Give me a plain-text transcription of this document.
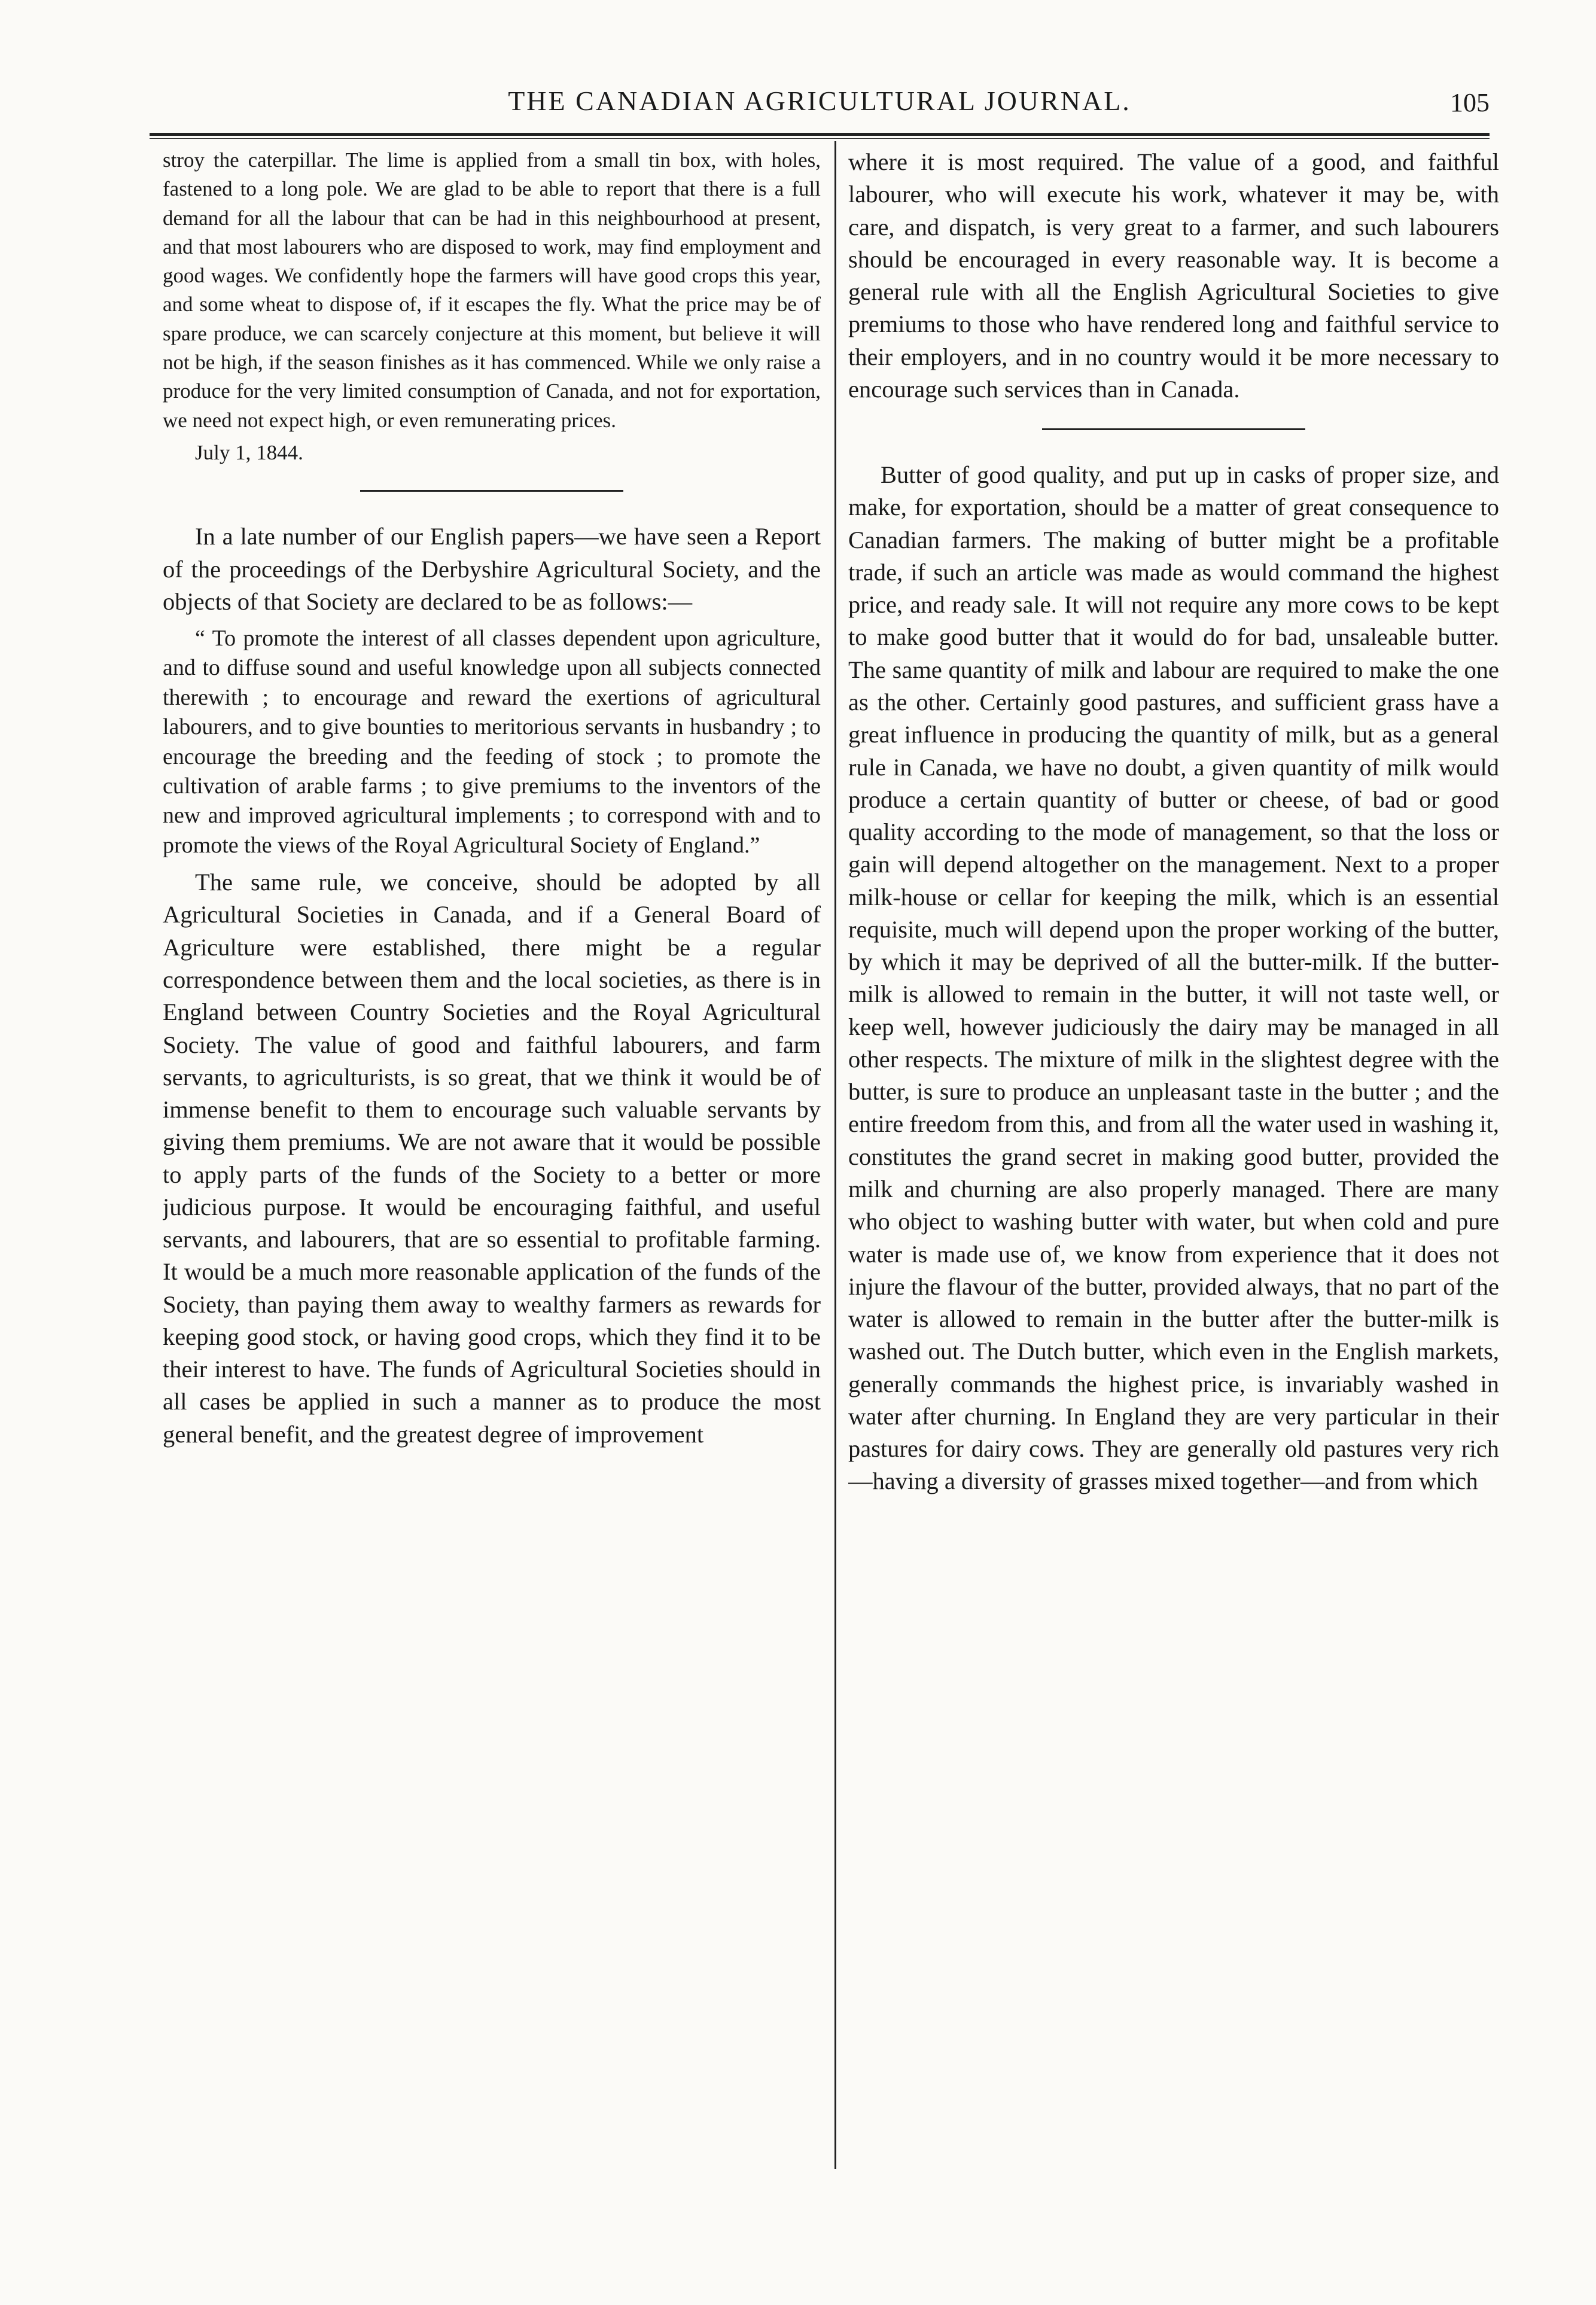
THE CANADIAN AGRICULTURAL JOURNAL.	105

stroy the caterpillar. The lime is applied from a small tin box, with holes, fastened to a long pole. We are glad to be able to report that there is a full demand for all the labour that can be had in this neighbourhood at present, and that most labourers who are disposed to work, may find employment and good wages. We confidently hope the farmers will have good crops this year, and some wheat to dispose of, if it escapes the fly. What the price may be of spare produce, we can scarcely conjecture at this moment, but believe it will not be high, if the season finishes as it has commenced. While we only raise a produce for the very limited consumption of Canada, and not for exportation, we need not expect high, or even remunerating prices.

July 1, 1844.

In a late number of our English papers—we have seen a Report of the proceedings of the Derbyshire Agricultural Society, and the objects of that Society are declared to be as follows:—

“ To promote the interest of all classes dependent upon agriculture, and to diffuse sound and useful knowledge upon all subjects connected therewith ; to encourage and reward the exertions of agricultural labourers, and to give bounties to meritorious servants in husbandry ; to encourage the breeding and the feeding of stock ; to promote the cultivation of arable farms ; to give premiums to the inventors of the new and improved agricultural implements ; to correspond with and to promote the views of the Royal Agricultural Society of England.”

The same rule, we conceive, should be adopted by all Agricultural Societies in Canada, and if a General Board of Agriculture were established, there might be a regular correspondence between them and the local societies, as there is in England between Country Societies and the Royal Agricultural Society. The value of good and faithful labourers, and farm servants, to agriculturists, is so great, that we think it would be of immense benefit to them to encourage such valuable servants by giving them premiums. We are not aware that it would be possible to apply parts of the funds of the Society to a better or more judicious purpose. It would be encouraging faithful, and useful servants, and labourers, that are so essential to profitable farming. It would be a much more reasonable application of the funds of the Society, than paying them away to wealthy farmers as rewards for keeping good stock, or having good crops, which they find it to be their interest to have. The funds of Agricultural Societies should in all cases be applied in such a manner as to produce the most general benefit, and the greatest degree of improvement

where it is most required. The value of a good, and faithful labourer, who will execute his work, whatever it may be, with care, and dispatch, is very great to a farmer, and such labourers should be encouraged in every reasonable way. It is become a general rule with all the English Agricultural Societies to give premiums to those who have rendered long and faithful service to their employers, and in no country would it be more necessary to encourage such services than in Canada.

Butter of good quality, and put up in casks of proper size, and make, for exportation, should be a matter of great consequence to Canadian farmers. The making of butter might be a profitable trade, if such an article was made as would command the highest price, and ready sale. It will not require any more cows to be kept to make good butter that it would do for bad, unsaleable butter. The same quantity of milk and labour are required to make the one as the other. Certainly good pastures, and sufficient grass have a great influence in producing the quantity of milk, but as a general rule in Canada, we have no doubt, a given quantity of milk would produce a certain quantity of butter or cheese, of bad or good quality according to the mode of management, so that the loss or gain will depend altogether on the management. Next to a proper milk-house or cellar for keeping the milk, which is an essential requisite, much will depend upon the proper working of the butter, by which it may be deprived of all the butter-milk. If the butter-milk is allowed to remain in the butter, it will not taste well, or keep well, however judiciously the dairy may be managed in all other respects. The mixture of milk in the slightest degree with the butter, is sure to produce an unpleasant taste in the butter ; and the entire freedom from this, and from all the water used in washing it, constitutes the grand secret in making good butter, provided the milk and churning are also properly managed. There are many who object to washing butter with water, but when cold and pure water is made use of, we know from experience that it does not injure the flavour of the butter, provided always, that no part of the water is allowed to remain in the butter after the butter-milk is washed out. The Dutch butter, which even in the English markets, generally commands the highest price, is invariably washed in water after churning. In England they are very particular in their pastures for dairy cows. They are generally old pastures very rich—having a diversity of grasses mixed together—and from which
